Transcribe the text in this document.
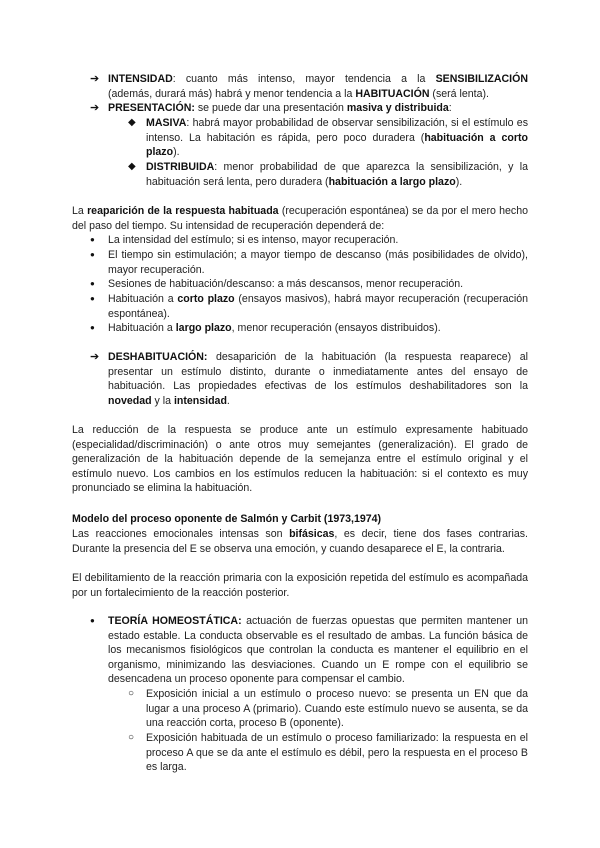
➔ INTENSIDAD: cuanto más intenso, mayor tendencia a la SENSIBILIZACIÓN
(además, durará más) habrá y menor tendencia a la HABITUACIÓN (será lenta).
➔ PRESENTACIÓN: se puede dar una presentación masiva y distribuida:
◆ MASIVA: habrá mayor probabilidad de observar sensibilización, si el estímulo es intenso. La habitación es rápida, pero poco duradera (habituación a corto plazo).
◆ DISTRIBUIDA: menor probabilidad de que aparezca la sensibilización, y la habituación será lenta, pero duradera (habituación a largo plazo).
La reaparición de la respuesta habituada (recuperación espontánea) se da por el mero hecho del paso del tiempo. Su intensidad de recuperación dependerá de:
● La intensidad del estímulo; si es intenso, mayor recuperación.
● El tiempo sin estimulación; a mayor tiempo de descanso (más posibilidades de olvido), mayor recuperación.
● Sesiones de habituación/descanso: a más descansos, menor recuperación.
● Habituación a corto plazo (ensayos masivos), habrá mayor recuperación (recuperación espontánea).
● Habituación a largo plazo, menor recuperación (ensayos distribuidos).
➔ DESHABITUACIÓN: desaparición de la habituación (la respuesta reaparece) al presentar un estímulo distinto, durante o inmediatamente antes del ensayo de habituación. Las propiedades efectivas de los estímulos deshabilitadores son la novedad y la intensidad.
La reducción de la respuesta se produce ante un estímulo expresamente habituado (especialidad/discriminación) o ante otros muy semejantes (generalización). El grado de generalización de la habituación depende de la semejanza entre el estímulo original y el estímulo nuevo. Los cambios en los estímulos reducen la habituación: si el contexto es muy pronunciado se elimina la habituación.
Modelo del proceso oponente de Salmón y Carbit (1973,1974)
Las reacciones emocionales intensas son bifásicas, es decir, tiene dos fases contrarias. Durante la presencia del E se observa una emoción, y cuando desaparece el E, la contraria.
El debilitamiento de la reacción primaria con la exposición repetida del estímulo es acompañada por un fortalecimiento de la reacción posterior.
● TEORÍA HOMEOSTÁTICA: actuación de fuerzas opuestas que permiten mantener un estado estable. La conducta observable es el resultado de ambas. La función básica de los mecanismos fisiológicos que controlan la conducta es mantener el equilibrio en el organismo, minimizando las desviaciones. Cuando un E rompe con el equilibrio se desencadena un proceso oponente para compensar el cambio.
○ Exposición inicial a un estímulo o proceso nuevo: se presenta un EN que da lugar a una proceso A (primario). Cuando este estímulo nuevo se ausenta, se da una reacción corta, proceso B (oponente).
○ Exposición habituada de un estímulo o proceso familiarizado: la respuesta en el proceso A que se da ante el estímulo es débil, pero la respuesta en el proceso B es larga.
